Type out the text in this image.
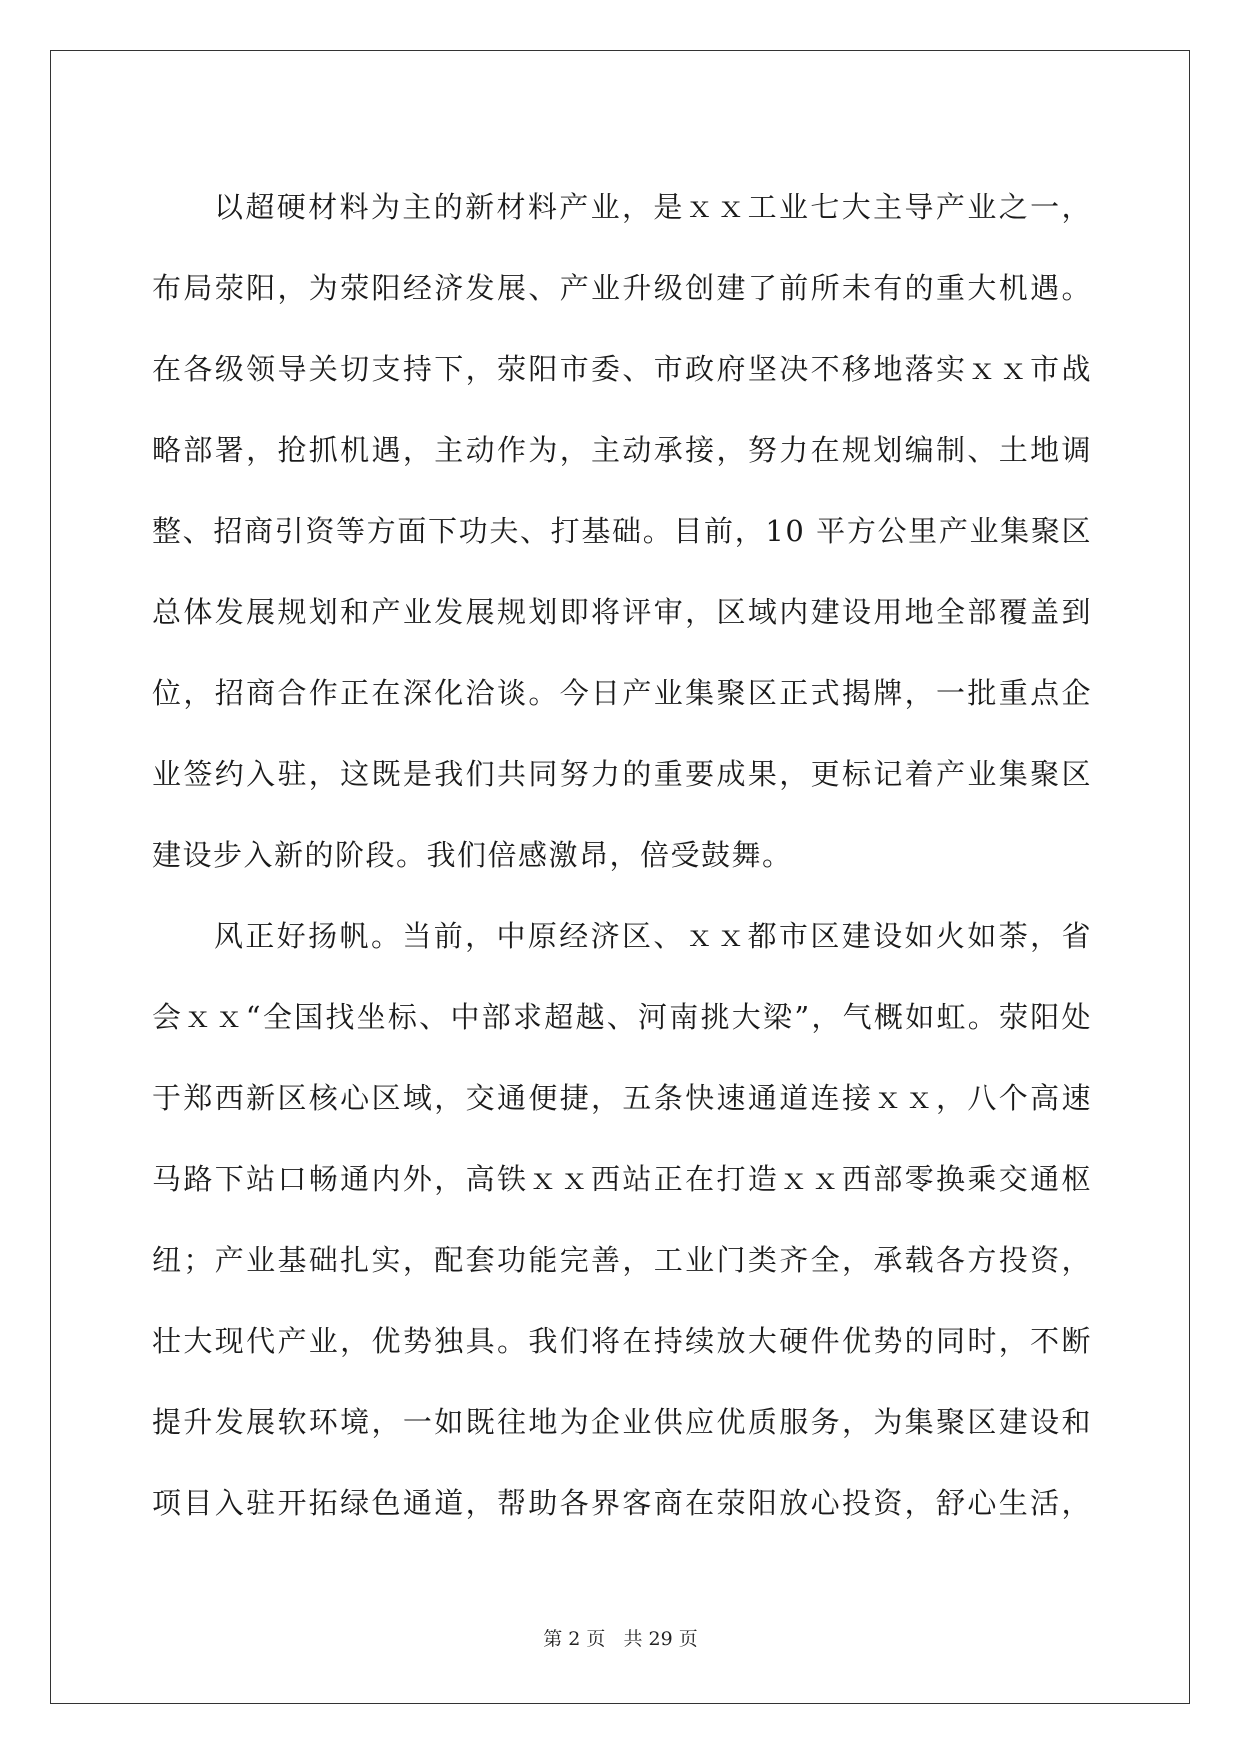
以超硬材料为主的新材料产业，是ｘｘ工业七大主导产业之一，
布局荥阳，为荥阳经济发展、产业升级创建了前所未有的重大机遇。
在各级领导关切支持下，荥阳市委、市政府坚决不移地落实ｘｘ市战
略部署，抢抓机遇，主动作为，主动承接，努力在规划编制、土地调
整、招商引资等方面下功夫、打基础。目前，10 平方公里产业集聚区
总体发展规划和产业发展规划即将评审，区域内建设用地全部覆盖到
位，招商合作正在深化洽谈。今日产业集聚区正式揭牌，一批重点企
业签约入驻，这既是我们共同努力的重要成果，更标记着产业集聚区
建设步入新的阶段。我们倍感激昂，倍受鼓舞。
风正好扬帆。当前，中原经济区、ｘｘ都市区建设如火如荼，省
会ｘｘ“全国找坐标、中部求超越、河南挑大梁”，气概如虹。荥阳处
于郑西新区核心区域，交通便捷，五条快速通道连接ｘｘ，八个高速
马路下站口畅通内外，高铁ｘｘ西站正在打造ｘｘ西部零换乘交通枢
纽；产业基础扎实，配套功能完善，工业门类齐全，承载各方投资，
壮大现代产业，优势独具。我们将在持续放大硬件优势的同时，不断
提升发展软环境，一如既往地为企业供应优质服务，为集聚区建设和
项目入驻开拓绿色通道，帮助各界客商在荥阳放心投资，舒心生活，
第 2 页 共 29 页
